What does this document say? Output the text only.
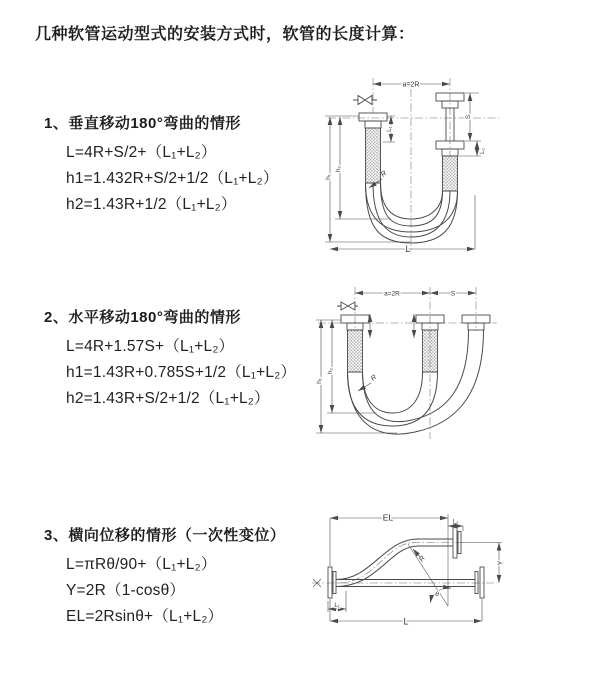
几种软管运动型式的安装方式时，软管的长度计算：
1、垂直移动180°弯曲的情形
L=4R+S/2+（L₁+L₂）
h1=1.432R+S/2+1/2（L₁+L₂）
h2=1.43R+1/2（L₁+L₂）
2、水平移动180°弯曲的情形
L=4R+1.57S+（L₁+L₂）
h1=1.43R+0.785S+1/2（L₁+L₂）
h2=1.43R+S/2+1/2（L₁+L₂）
3、横向位移的情形（一次性变位）
L=πRθ/90+（L₁+L₂）
Y=2R（1-cosθ）
EL=2Rsinθ+（L₁+L₂）
a=2R
L₁
S
L₂
h₁
h₂
L
R
a=2R	S
h₁
h₂
R
EL	L₂
Y
θ
L
L₁
R
